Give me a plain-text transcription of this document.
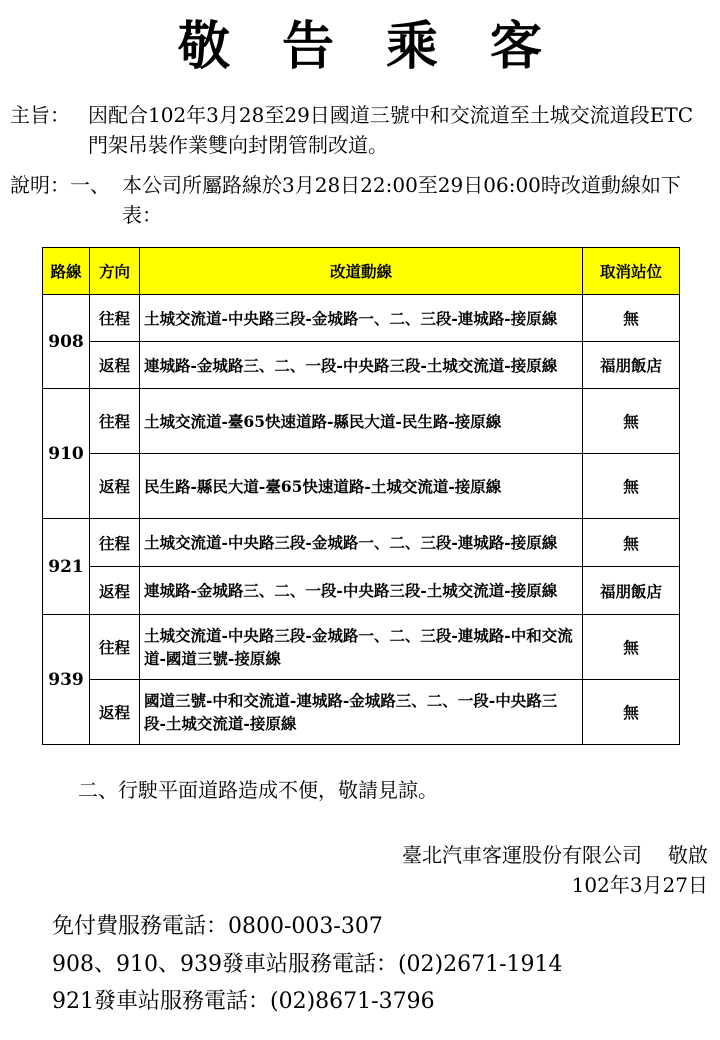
敬告乘客
主旨： 因配合102年3月28至29日國道三號中和交流道至土城交流道段ETC門架吊裝作業雙向封閉管制改道。
說明：一、 本公司所屬路線於3月28日22:00至29日06:00時改道動線如下表：
路線	方向	改道動線	取消站位
908	往程	土城交流道-中央路三段-金城路一、二、三段-連城路-接原線	無
	返程	連城路-金城路三、二、一段-中央路三段-土城交流道-接原線	福朋飯店
910	往程	土城交流道-臺65快速道路-縣民大道-民生路-接原線	無
	返程	民生路-縣民大道-臺65快速道路-土城交流道-接原線	無
921	往程	土城交流道-中央路三段-金城路一、二、三段-連城路-接原線	無
	返程	連城路-金城路三、二、一段-中央路三段-土城交流道-接原線	福朋飯店
939	往程	土城交流道-中央路三段-金城路一、二、三段-連城路-中和交流道-國道三號-接原線	無
	返程	國道三號-中和交流道-連城路-金城路三、二、一段-中央路三段-土城交流道-接原線	無
二、行駛平面道路造成不便，敬請見諒。
臺北汽車客運股份有限公司 敬啟
102年3月27日
免付費服務電話：0800-003-307
908、910、939發車站服務電話：(02)2671-1914
921發車站服務電話：(02)8671-3796
